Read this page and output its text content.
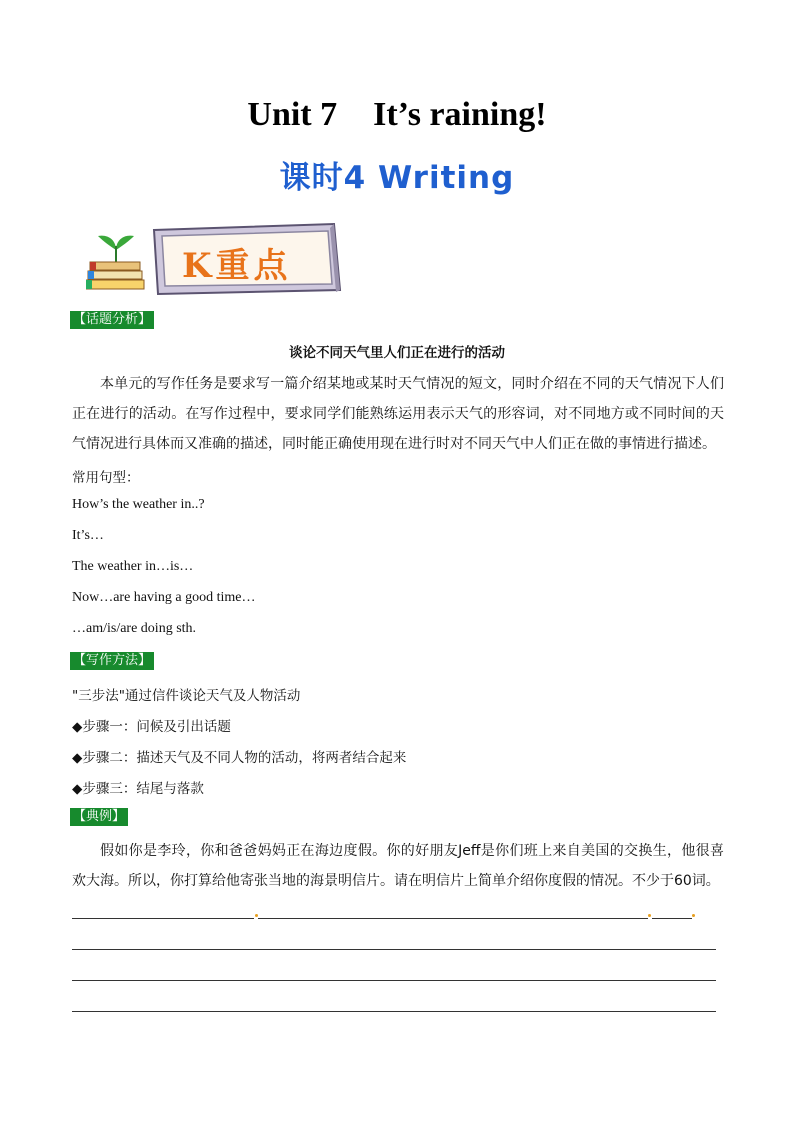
Unit 7 It’s raining!
课时4 Writing
K重点
【话题分析】
谈论不同天气里人们正在进行的活动
本单元的写作任务是要求写一篇介绍某地或某时天气情况的短文，同时介绍在不同的天气情况下人们正在进行的活动。在写作过程中，要求同学们能熟练运用表示天气的形容词，对不同地方或不同时间的天气情况进行具体而又准确的描述，同时能正确使用现在进行时对不同天气中人们正在做的事情进行描述。
常用句型：
How’s the weather in..?
It’s…
The weather in…is…
Now…are having a good time…
…am/is/are doing sth.
【写作方法】
"三步法"通过信件谈论天气及人物活动
◆步骤一：问候及引出话题
◆步骤二：描述天气及不同人物的活动，将两者结合起来
◆步骤三：结尾与落款
【典例】
假如你是李玲，你和爸爸妈妈正在海边度假。你的好朋友Jeff是你们班上来自美国的交换生，他很喜欢大海。所以，你打算给他寄张当地的海景明信片。请在明信片上简单介绍你度假的情况。不少于60词。
